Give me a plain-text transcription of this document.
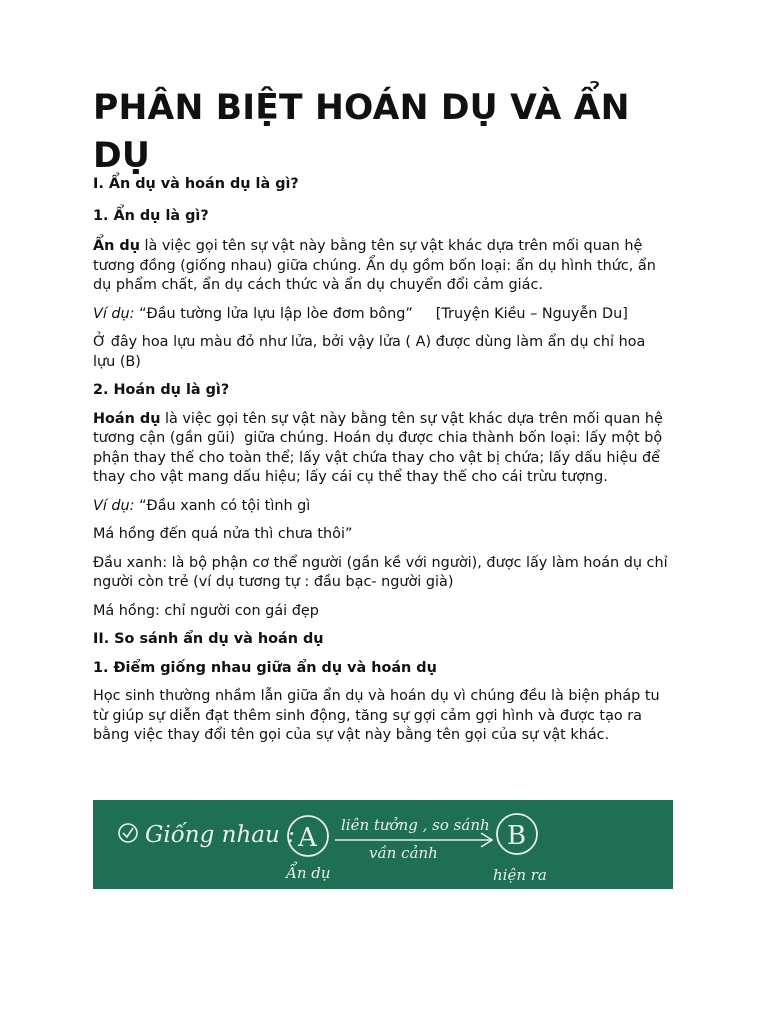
PHÂN BIỆT HOÁN DỤ VÀ ẨN DỤ

I. Ẩn dụ và hoán dụ là gì?

1. Ẩn dụ là gì?

Ẩn dụ là việc gọi tên sự vật này bằng tên sự vật khác dựa trên mối quan hệ tương đồng (giống nhau) giữa chúng. Ẩn dụ gồm bốn loại: ẩn dụ hình thức, ẩn dụ phẩm chất, ẩn dụ cách thức và ẩn dụ chuyển đổi cảm giác.

Ví dụ: “Đầu tường lửa lựu lập lòe đơm bông”     [Truyện Kiều – Nguyễn Du]

Ở đây hoa lựu màu đỏ như lửa, bởi vậy lửa ( A) được dùng làm ẩn dụ chỉ hoa lựu (B)

2. Hoán dụ là gì?

Hoán dụ là việc gọi tên sự vật này bằng tên sự vật khác dựa trên mối quan hệ tương cận (gần gũi)  giữa chúng. Hoán dụ được chia thành bốn loại: lấy một bộ phận thay thế cho toàn thể; lấy vật chứa thay cho vật bị chứa; lấy dấu hiệu để thay cho vật mang dấu hiệu; lấy cái cụ thể thay thế cho cái trừu tượng.

Ví dụ: “Đầu xanh có tội tình gì

Má hồng đến quá nửa thì chưa thôi”

Đầu xanh: là bộ phận cơ thể người (gần kề với người), được lấy làm hoán dụ chỉ người còn trẻ (ví dụ tương tự : đầu bạc- người già)

Má hồng: chỉ người con gái đẹp

II. So sánh ẩn dụ và hoán dụ

1. Điểm giống nhau giữa ẩn dụ và hoán dụ

Học sinh thường nhầm lẫn giữa ẩn dụ và hoán dụ vì chúng đều là biện pháp tu từ giúp sự diễn đạt thêm sinh động, tăng sự gợi cảm gợi hình và được tạo ra bằng việc thay đổi tên gọi của sự vật này bằng tên gọi của sự vật khác.

Giống nhau : A
Ẩn dụ
liên tưởng , so sánh
vần cảnh
B
hiện ra
